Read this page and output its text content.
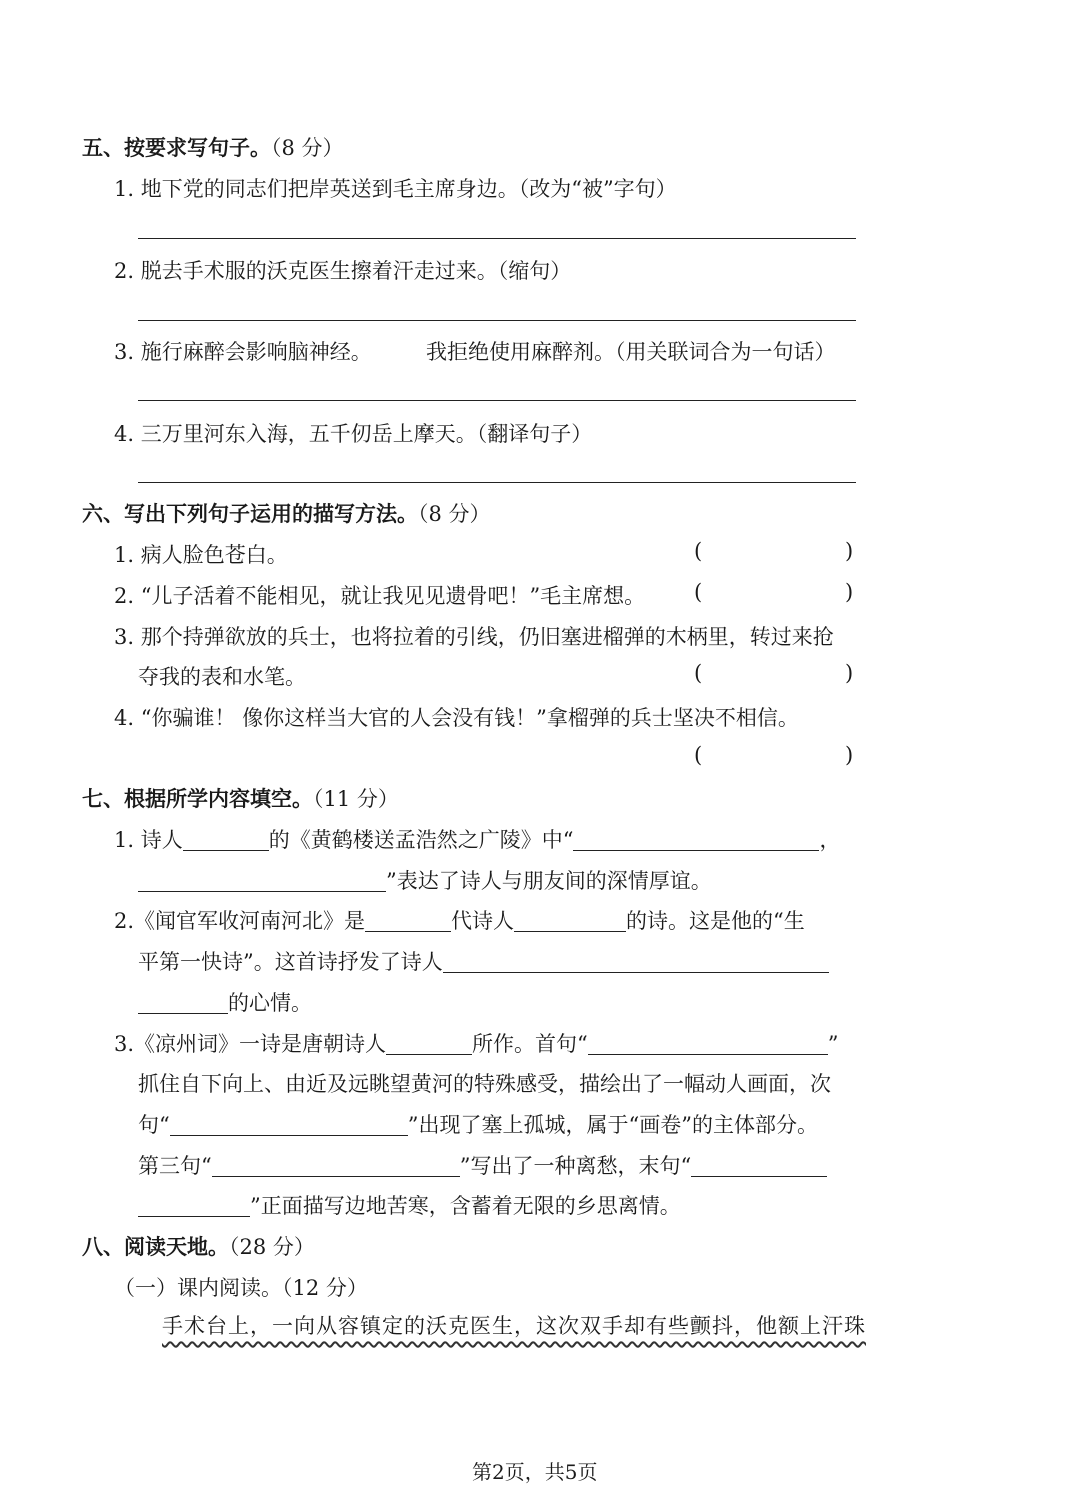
五、按要求写句子。（8 分）
1. 地下党的同志们把岸英送到毛主席身边。（改为“被”字句）
2. 脱去手术服的沃克医生擦着汗走过来。（缩句）
3. 施行麻醉会影响脑神经。	我拒绝使用麻醉剂。（用关联词合为一句话）
4. 三万里河东入海，五千仞岳上摩天。（翻译句子）
六、写出下列句子运用的描写方法。（8 分）
1. 病人脸色苍白。	(	)
2. “儿子活着不能相见，就让我见见遗骨吧！”毛主席想。 (	)
3. 那个持弹欲放的兵士，也将拉着的引线，仍旧塞进榴弹的木柄里，转过来抢
夺我的表和水笔。	(	)
4. “你骗谁！ 像你这样当大官的人会没有钱！”拿榴弹的兵士坚决不相信。
(	)
七、根据所学内容填空。（11 分）
1. 诗人	的《黄鹤楼送孟浩然之广陵》中“	，
”表达了诗人与朋友间的深情厚谊。
2.《闻官军收河南河北》是	代诗人	的诗。这是他的“生
平第一快诗”。这首诗抒发了诗人
的心情。
3.《凉州词》一诗是唐朝诗人	所作。首句“	”
抓住自下向上、由近及远眺望黄河的特殊感受，描绘出了一幅动人画面，次
句“	”出现了塞上孤城，属于“画卷”的主体部分。
第三句“	”写出了一种离愁，末句“
”正面描写边地苦寒，含蓄着无限的乡思离情。
八、阅读天地。（28 分）
（一）课内阅读。（12 分）
手术台上，一向从容镇定的沃克医生，这次双手却有些颤抖，他额上汗珠
第2页，共5页
